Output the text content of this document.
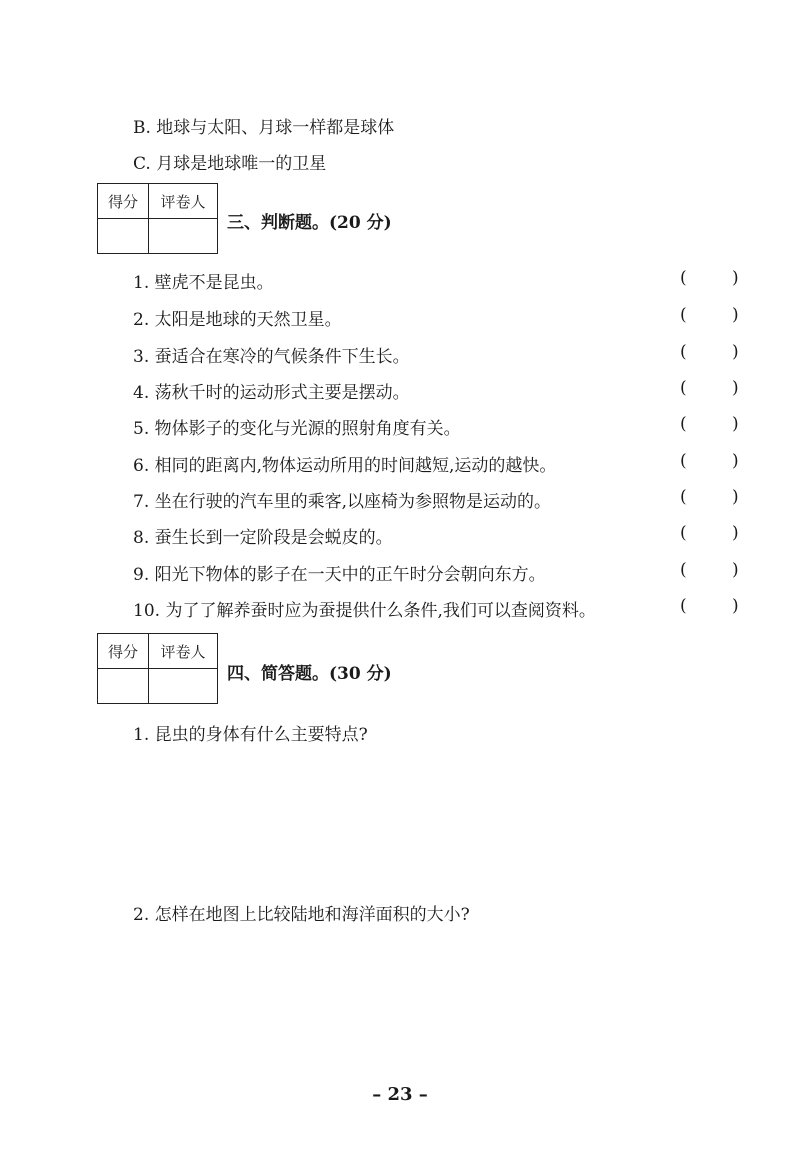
B. 地球与太阳、月球一样都是球体
C. 月球是地球唯一的卫星
得分	评卷人

三、判断题。(20 分)
1. 壁虎不是昆虫。	(	)
2. 太阳是地球的天然卫星。	(	)
3. 蚕适合在寒冷的气候条件下生长。	(	)
4. 荡秋千时的运动形式主要是摆动。	(	)
5. 物体影子的变化与光源的照射角度有关。	(	)
6. 相同的距离内,物体运动所用的时间越短,运动的越快。	(	)
7. 坐在行驶的汽车里的乘客,以座椅为参照物是运动的。	(	)
8. 蚕生长到一定阶段是会蜕皮的。	(	)
9. 阳光下物体的影子在一天中的正午时分会朝向东方。	(	)
10. 为了了解养蚕时应为蚕提供什么条件,我们可以查阅资料。	(	)
得分	评卷人

四、简答题。(30 分)
1. 昆虫的身体有什么主要特点?
2. 怎样在地图上比较陆地和海洋面积的大小?
– 23 –
